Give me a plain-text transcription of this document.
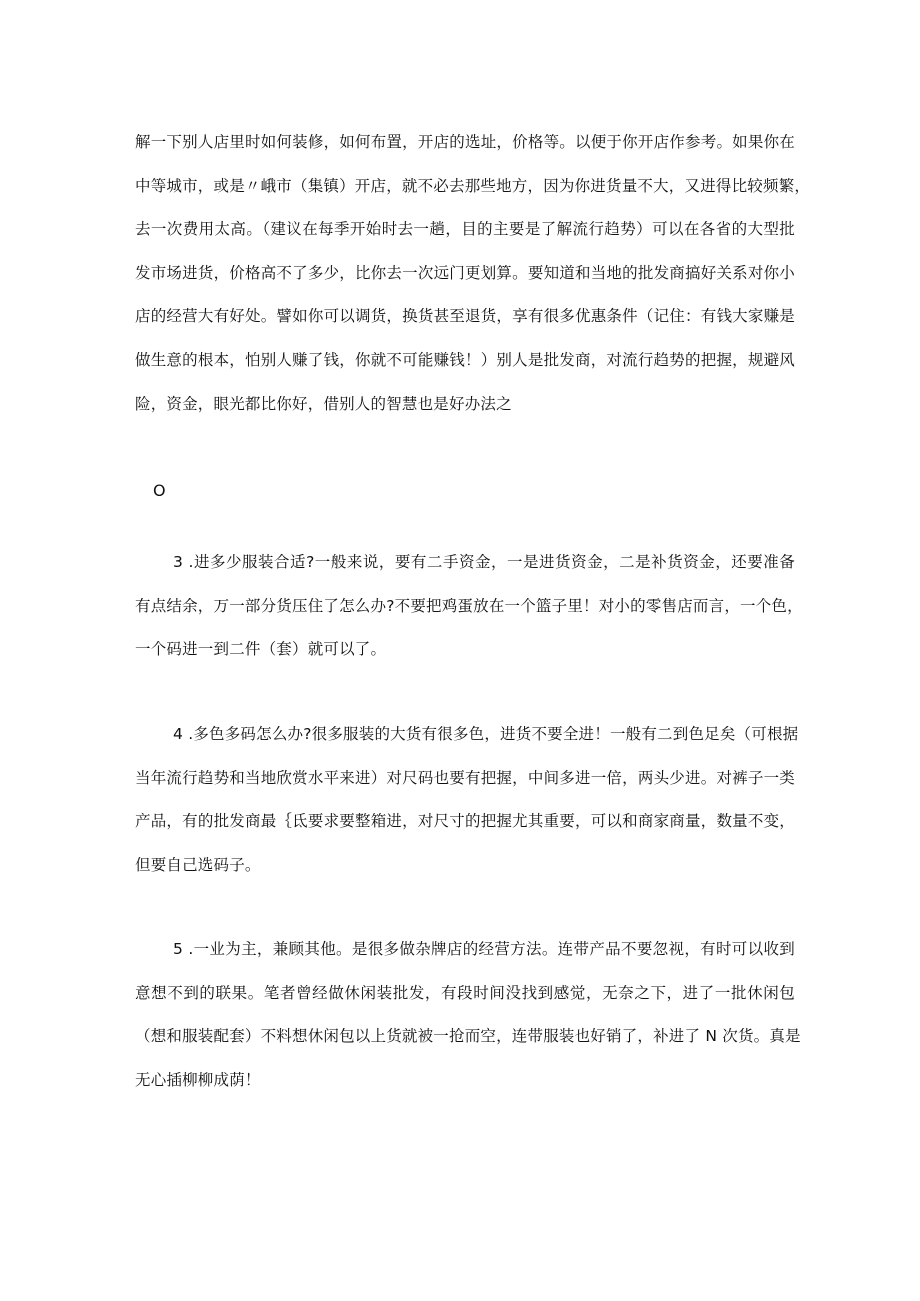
解一下别人店里时如何装修，如何布置，开店的选址，价格等。以便于你开店作参考。如果你在
中等城市，或是〃峨市（集镇）开店，就不必去那些地方，因为你进货量不大，又进得比较频繁，
去一次费用太高。（建议在每季开始时去一趟，目的主要是了解流行趋势）可以在各省的大型批
发市场进货，价格高不了多少，比你去一次远门更划算。要知道和当地的批发商搞好关系对你小
店的经营大有好处。譬如你可以调货，换货甚至退货，享有很多优惠条件（记住：有钱大家赚是
做生意的根本，怕别人赚了钱，你就不可能赚钱！）别人是批发商，对流行趋势的把握，规避风
险，资金，眼光都比你好，借别人的智慧也是好办法之

O

3 .进多少服装合适?一般来说，要有二手资金，一是进货资金，二是补货资金，还要准备
有点结余，万一部分货压住了怎么办?不要把鸡蛋放在一个篮子里！对小的零售店而言，一个色，
一个码进一到二件（套）就可以了。
4 .多色多码怎么办?很多服装的大货有很多色，进货不要全进！一般有二到色足矣（可根据
当年流行趋势和当地欣赏水平来进）对尺码也要有把握，中间多进一倍，两头少进。对裤子一类
产品，有的批发商最｛氐要求要整箱进，对尺寸的把握尤其重要，可以和商家商量，数量不变，
但要自己选码子。
5 .一业为主，兼顾其他。是很多做杂牌店的经营方法。连带产品不要忽视，有时可以收到
意想不到的联果。笔者曾经做休闲装批发，有段时间没找到感觉，无奈之下，进了一批休闲包
（想和服装配套）不料想休闲包以上货就被一抢而空，连带服装也好销了，补进了 N 次货。真是
无心插柳柳成荫！
